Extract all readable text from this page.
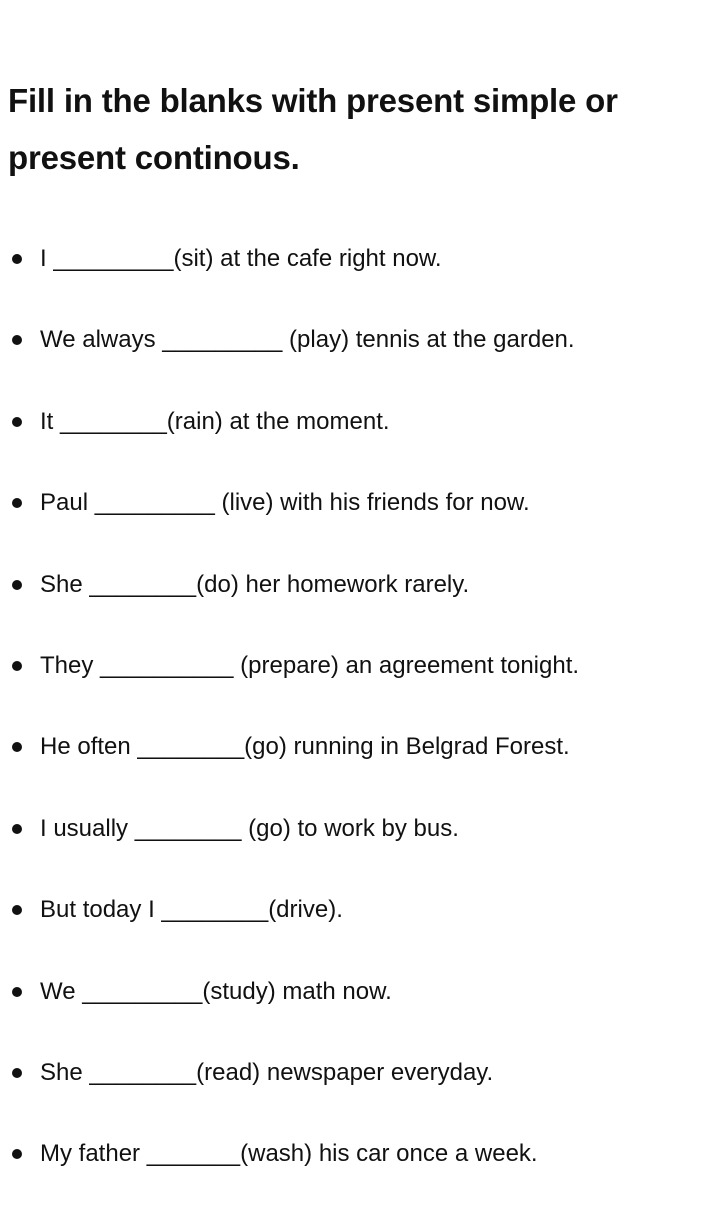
Fill in the blanks with present simple or
present continous.
I _________(sit) at the cafe right now.
We always _________ (play) tennis at the garden.
It ________(rain) at the moment.
Paul _________ (live) with his friends for now.
She ________(do) her homework rarely.
They __________ (prepare) an agreement tonight.
He often ________(go) running in Belgrad Forest.
I usually ________ (go) to work by bus.
But today I ________(drive).
We _________(study) math now.
She ________(read) newspaper everyday.
My father _______(wash) his car once a week.
